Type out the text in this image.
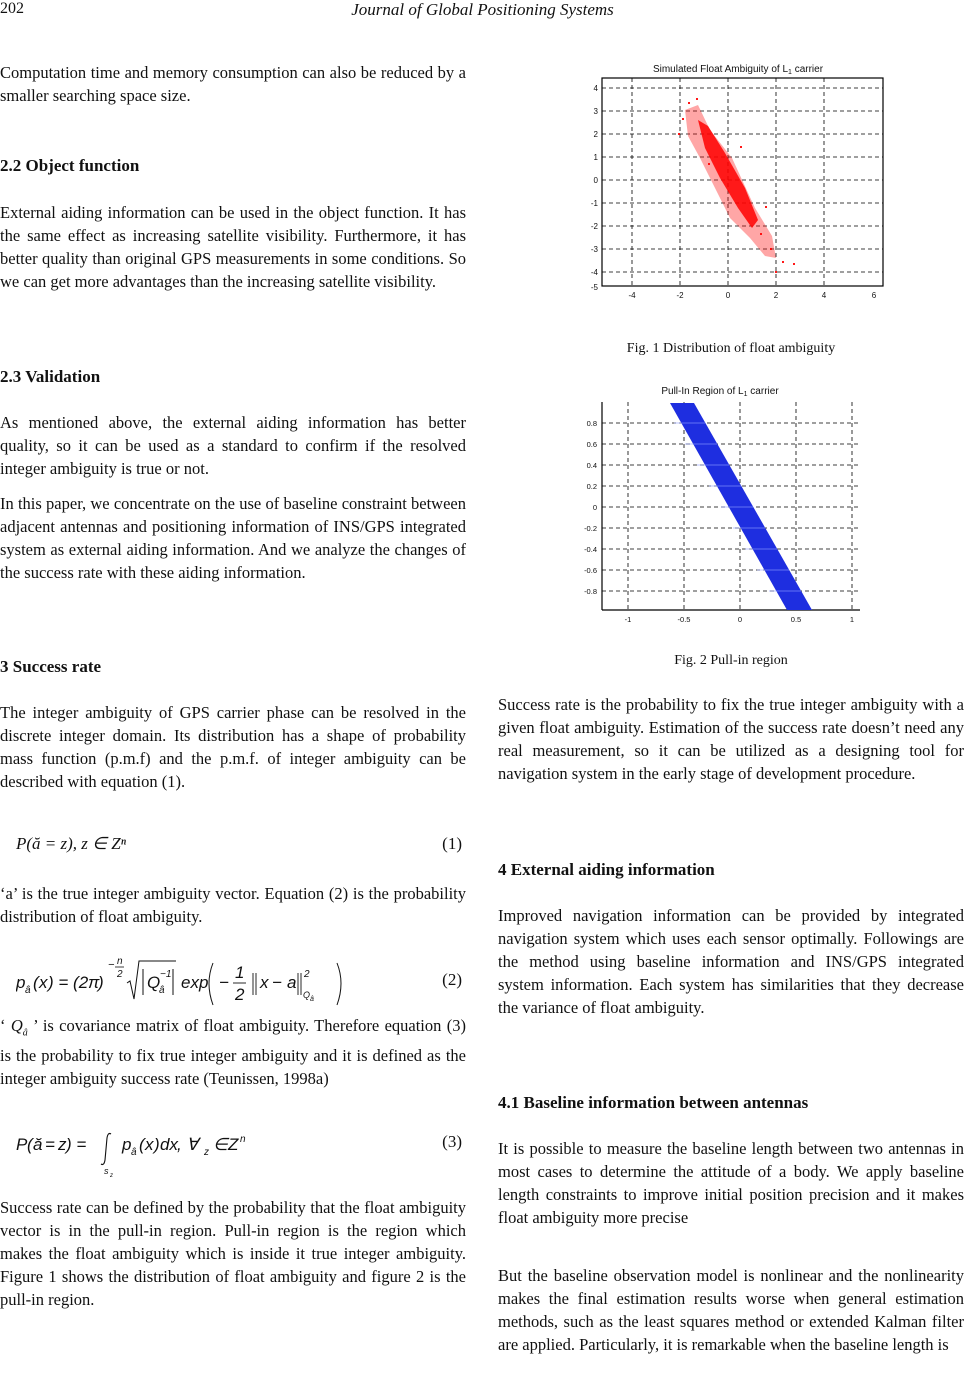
202	Journal of Global Positioning Systems

Computation time and memory consumption can also be reduced by a smaller searching space size.

2.2 Object function

External aiding information can be used in the object function. It has the same effect as increasing satellite visibility. Furthermore, it has better quality than original GPS measurements in some conditions. So we can get more advantages than the increasing satellite visibility.

2.3 Validation

As mentioned above, the external aiding information has better quality, so it can be used as a standard to confirm if the resolved integer ambiguity is true or not.

In this paper, we concentrate on the use of baseline constraint between adjacent antennas and positioning information of INS/GPS integrated system as external aiding information. And we analyze the changes of the success rate with these aiding information.

3 Success rate

The integer ambiguity of GPS carrier phase can be resolved in the discrete integer domain. Its distribution has a shape of probability mass function (p.m.f) and the p.m.f. of integer ambiguity can be described with equation (1).

P(ă = z), z ∈ Zⁿ	(1)

‘a’ is the true integer ambiguity vector. Equation (2) is the probability distribution of float ambiguity.

p â ( x ) = (2 π
)
− n
2 Q −1
â exp −
1
2
x − a 2
Q â
(2)

‘ $Q_â$ ’ is covariance matrix of float ambiguity. Therefore equation (3) is the probability to fix true integer ambiguity and it is defined as the integer ambiguity success rate (Teunissen, 1998a)

P ( ă = z ) =
s z
p â ( x ) dx , ∀ z ∈ Z n	(3)

Success rate can be defined by the probability that the float ambiguity vector is in the pull-in region. Pull-in region is the region which makes the float ambiguity which is inside it true integer ambiguity. Figure 1 shows the distribution of float ambiguity and figure 2 is the pull-in region.

Simulated Float Ambiguity of $L_1$ carrier
4
3
2
1
0
-1
-2
-3
-4
-5
-4	-2	0	2	4	6
Fig. 1 Distribution of float ambiguity
Pull-In Region of $L_1$ carrier
0.8
0.6
0.4
0.2
0
-0.2
-0.4
-0.6
-0.8
-1	-0.5	0	0.5	1
Fig. 2 Pull-in region

Success rate is the probability to fix the true integer ambiguity with a given float ambiguity. Estimation of the success rate doesn’t need any real measurement, so it can be utilized as a designing tool for navigation system in the early stage of development procedure.

4 External aiding information

Improved navigation information can be provided by integrated navigation system which uses each sensor optimally. Followings are the method using baseline information and INS/GPS integrated system information. Each system has similarities that they decrease the variance of float ambiguity.

4.1 Baseline information between antennas

It is possible to measure the baseline length between two antennas in most cases to determine the attitude of a body. We apply baseline length constraints to improve initial position precision and it makes float ambiguity more precise

But the baseline observation model is nonlinear and the nonlinearity makes the final estimation results worse when general estimation methods, such as the least squares method or extended Kalman filter are applied. Particularly, it is remarkable when the baseline length is
